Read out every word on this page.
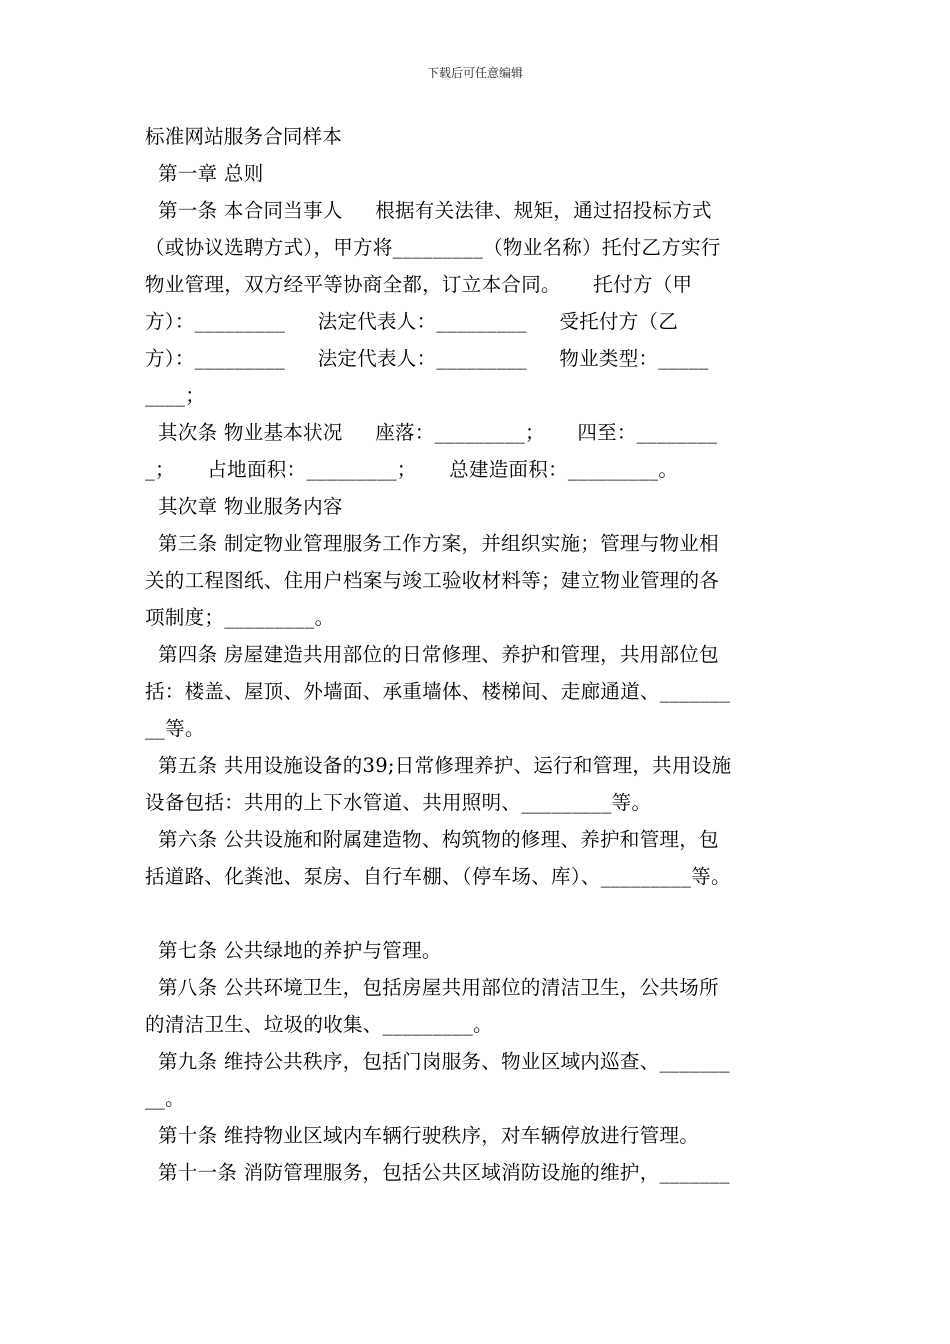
下载后可任意编辑
标准网站服务合同样本
第一章 总则
第一条 本合同当事人     根据有关法律、规矩，通过招投标方式
（或协议选聘方式），甲方将_________（物业名称）托付乙方实行
物业管理，双方经平等协商全都，订立本合同。     托付方（甲
方）：_________     法定代表人：_________     受托付方（乙
方）：_________     法定代表人：_________     物业类型：_____
____；
其次条 物业基本状况     座落：_________；     四至：________
_；     占地面积：_________；     总建造面积：_________。
其次章 物业服务内容
第三条 制定物业管理服务工作方案，并组织实施；管理与物业相
关的工程图纸、住用户档案与竣工验收材料等；建立物业管理的各
项制度；_________。
第四条 房屋建造共用部位的日常修理、养护和管理，共用部位包
括：楼盖、屋顶、外墙面、承重墙体、楼梯间、走廊通道、_______
__等。
第五条 共用设施设备的39;日常修理养护、运行和管理，共用设施
设备包括：共用的上下水管道、共用照明、_________等。
第六条 公共设施和附属建造物、构筑物的修理、养护和管理，包
括道路、化粪池、泵房、自行车棚、（停车场、库）、_________等。
第七条 公共绿地的养护与管理。
第八条 公共环境卫生，包括房屋共用部位的清洁卫生，公共场所
的清洁卫生、垃圾的收集、_________。
第九条 维持公共秩序，包括门岗服务、物业区域内巡查、_______
__。
第十条 维持物业区域内车辆行驶秩序，对车辆停放进行管理。
第十一条 消防管理服务，包括公共区域消防设施的维护，_______
